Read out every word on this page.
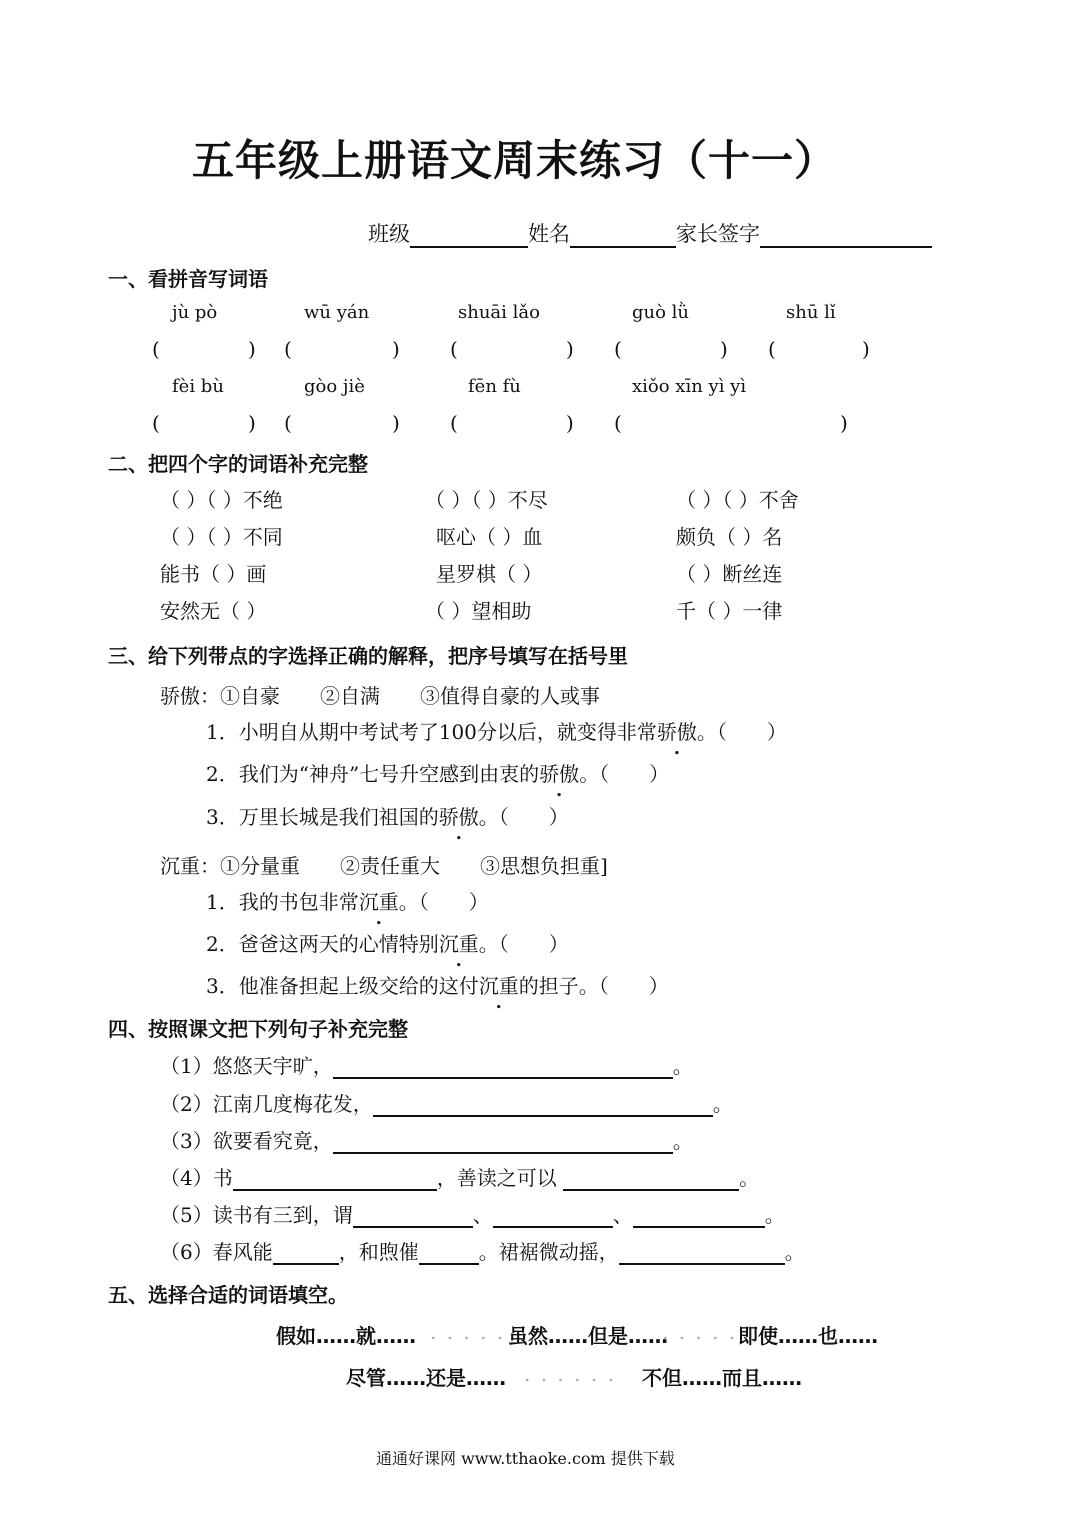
五年级上册语文周末练习（十一）
班级	姓名	家长签字
一、看拼音写词语
jù pò	wū yán	shuāi lǎo	guò lǜ	shū lǐ
(	) (	)	(	) (	) (	)
fèi bù	gòo jiè	fēn fù	xiǒo xīn yì yì
(	) (	)	(	) (	)
二、把四个字的词语补充完整
（ ）（ ）不绝	（ ）（ ）不尽	（ ）（ ）不舍
（ ）（ ）不同	呕心（ ）血	颇负（ ）名
能书（ ）画	星罗棋（ ）	（ ）断丝连
安然无（ ）	（ ）望相助	千（ ）一律
三、给下列带点的字选择正确的解释，把序号填写在括号里
骄傲：①自豪　　②自满　　③值得自豪的人或事
1．小明自从期中考试考了100分以后，就变得非常骄傲。（　　）
2．我们为“神舟”七号升空感到由衷的骄傲。（　　）
3．万里长城是我们祖国的骄傲。（　　）
沉重：①分量重　　②责任重大　　③思想负担重]
1．我的书包非常沉重。（　　）
2．爸爸这两天的心情特别沉重。（　　）
3．他准备担起上级交给的这付沉重的担子。（　　）
四、按照课文把下列句子补充完整
（1）悠悠天宇旷，	。
（2）江南几度梅花发，	。
（3）欲要看究竟，	。
（4）书	，善读之可以	。
（5）读书有三到，谓	、	、	。
（6）春风能	，和煦催	。裙裾微动摇，	。
五、选择合适的词语填空。
假如……就…… . . . . . 虽然……但是……
. . . . . 即使……也……
尽管……还是…… . . . . . . 不但……而且……
通通好课网 www.tthaoke.com 提供下载
